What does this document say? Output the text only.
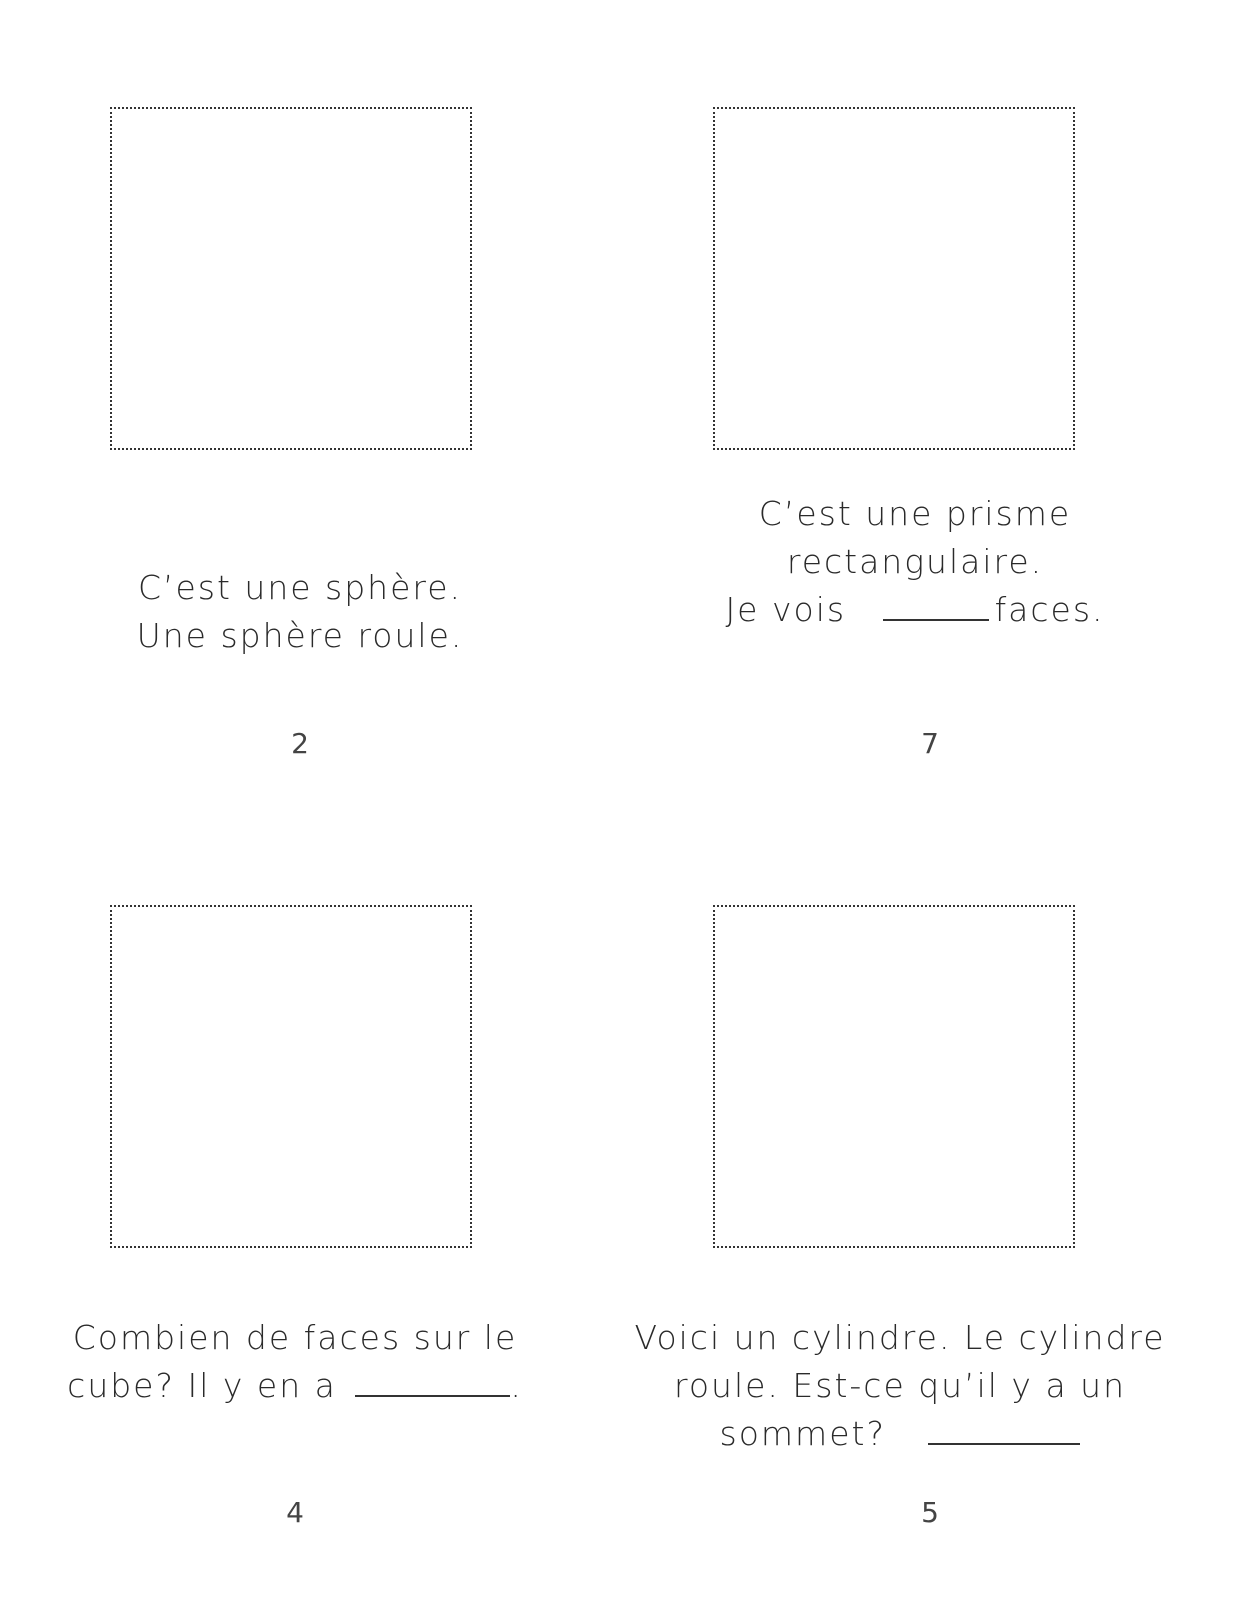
C’est une sphère.
Une sphère roule.
2
C’est une prisme
rectangulaire.
Je vois	faces.
7
Combien de faces sur le
cube? Il y en a	.
4
Voici un cylindre. Le cylindre
roule. Est-ce qu’il y a un
sommet?
5
